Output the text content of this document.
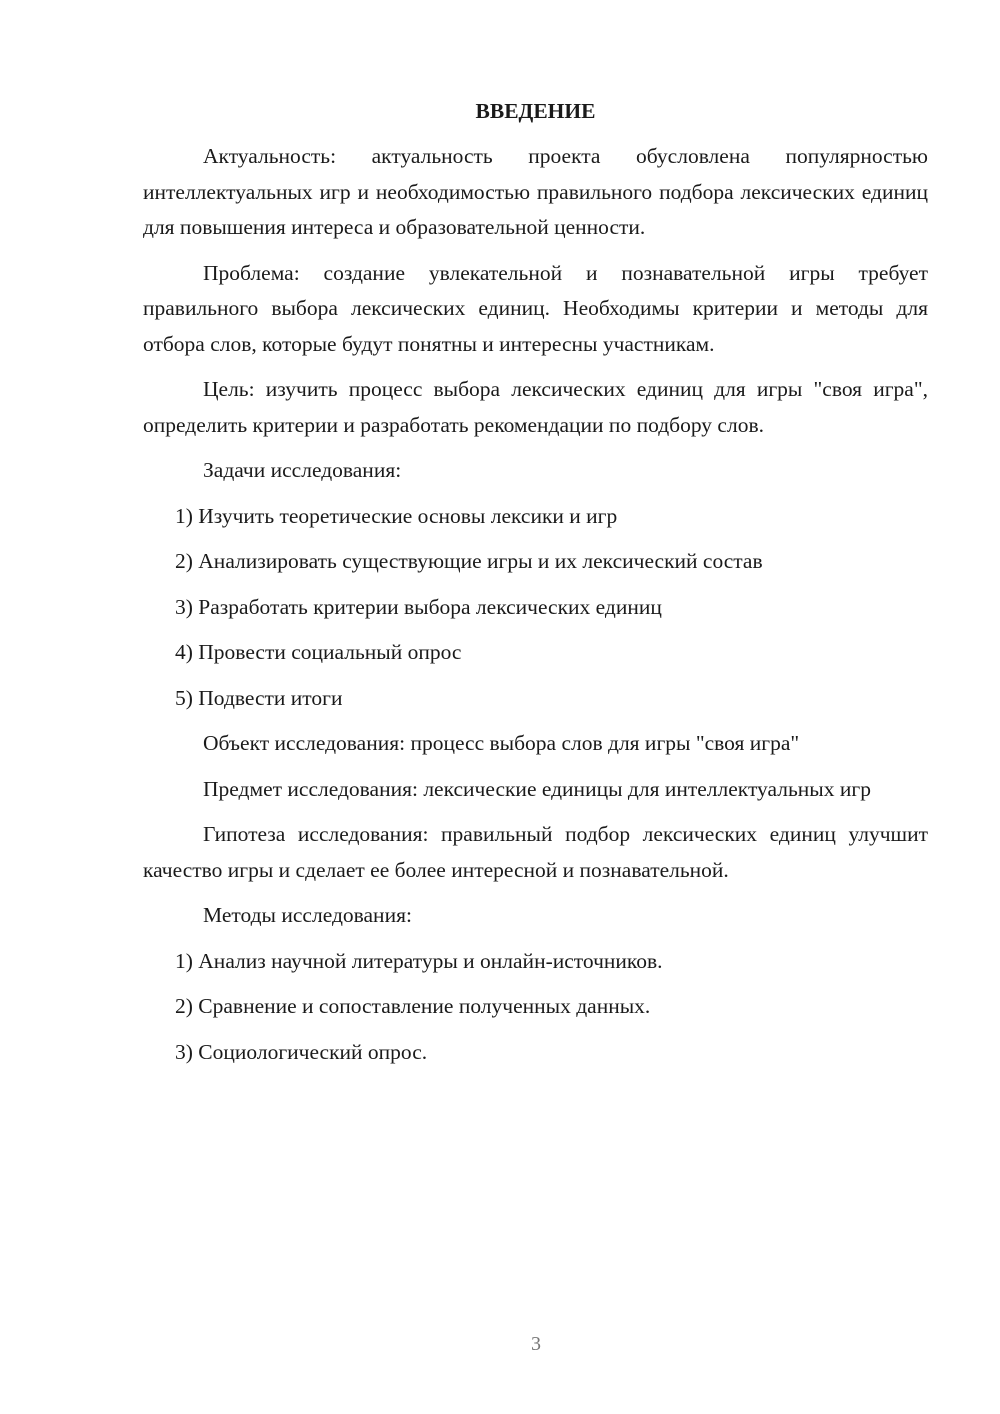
ВВЕДЕНИЕ

Актуальность: актуальность проекта обусловлена популярностью интеллектуальных игр и необходимостью правильного подбора лексических единиц для повышения интереса и образовательной ценности.

Проблема: создание увлекательной и познавательной игры требует правильного выбора лексических единиц. Необходимы критерии и методы для отбора слов, которые будут понятны и интересны участникам.

Цель: изучить процесс выбора лексических единиц для игры "своя игра", определить критерии и разработать рекомендации по подбору слов.

Задачи исследования:

1) Изучить теоретические основы лексики и игр

2) Анализировать существующие игры и их лексический состав

3) Разработать критерии выбора лексических единиц

4) Провести социальный опрос

5) Подвести итоги

Объект исследования: процесс выбора слов для игры "своя игра"

Предмет исследования: лексические единицы для интеллектуальных игр

Гипотеза исследования: правильный подбор лексических единиц улучшит качество игры и сделает ее более интересной и познавательной.

Методы исследования:

1) Анализ научной литературы и онлайн-источников.

2) Сравнение и сопоставление полученных данных.

3) Социологический опрос.

3
